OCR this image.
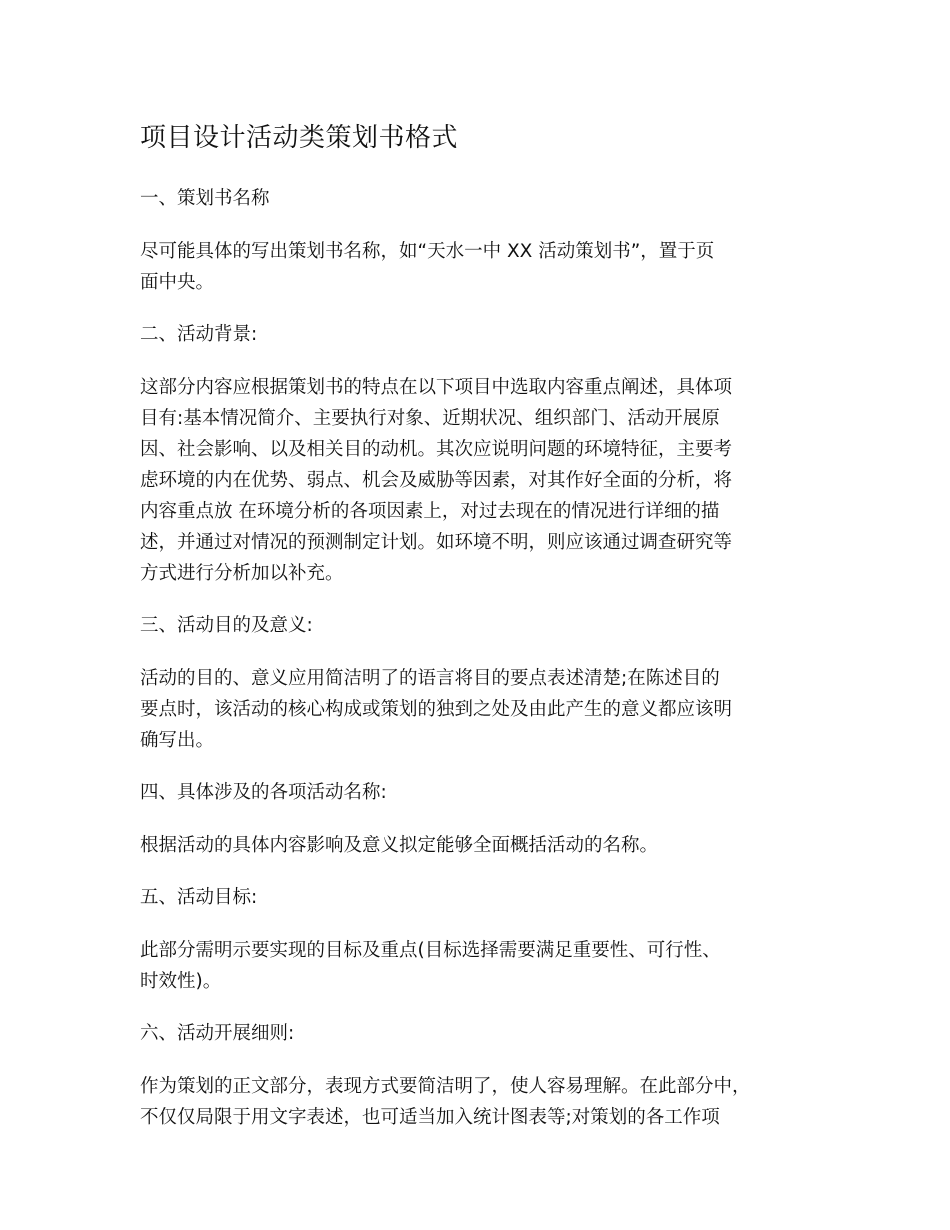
项目设计活动类策划书格式
一、策划书名称
尽可能具体的写出策划书名称，如“天水一中 XX 活动策划书”，置于页
面中央。
二、活动背景:
这部分内容应根据策划书的特点在以下项目中选取内容重点阐述，具体项
目有:基本情况简介、主要执行对象、近期状况、组织部门、活动开展原
因、社会影响、以及相关目的动机。其次应说明问题的环境特征，主要考
虑环境的内在优势、弱点、机会及威胁等因素，对其作好全面的分析，将
内容重点放 在环境分析的各项因素上，对过去现在的情况进行详细的描
述，并通过对情况的预测制定计划。如环境不明，则应该通过调查研究等
方式进行分析加以补充。
三、活动目的及意义:
活动的目的、意义应用简洁明了的语言将目的要点表述清楚;在陈述目的
要点时，该活动的核心构成或策划的独到之处及由此产生的意义都应该明
确写出。
四、具体涉及的各项活动名称:
根据活动的具体内容影响及意义拟定能够全面概括活动的名称。
五、活动目标:
此部分需明示要实现的目标及重点(目标选择需要满足重要性、可行性、
时效性)。
六、活动开展细则:
作为策划的正文部分，表现方式要简洁明了，使人容易理解。在此部分中，
不仅仅局限于用文字表述，也可适当加入统计图表等;对策划的各工作项
